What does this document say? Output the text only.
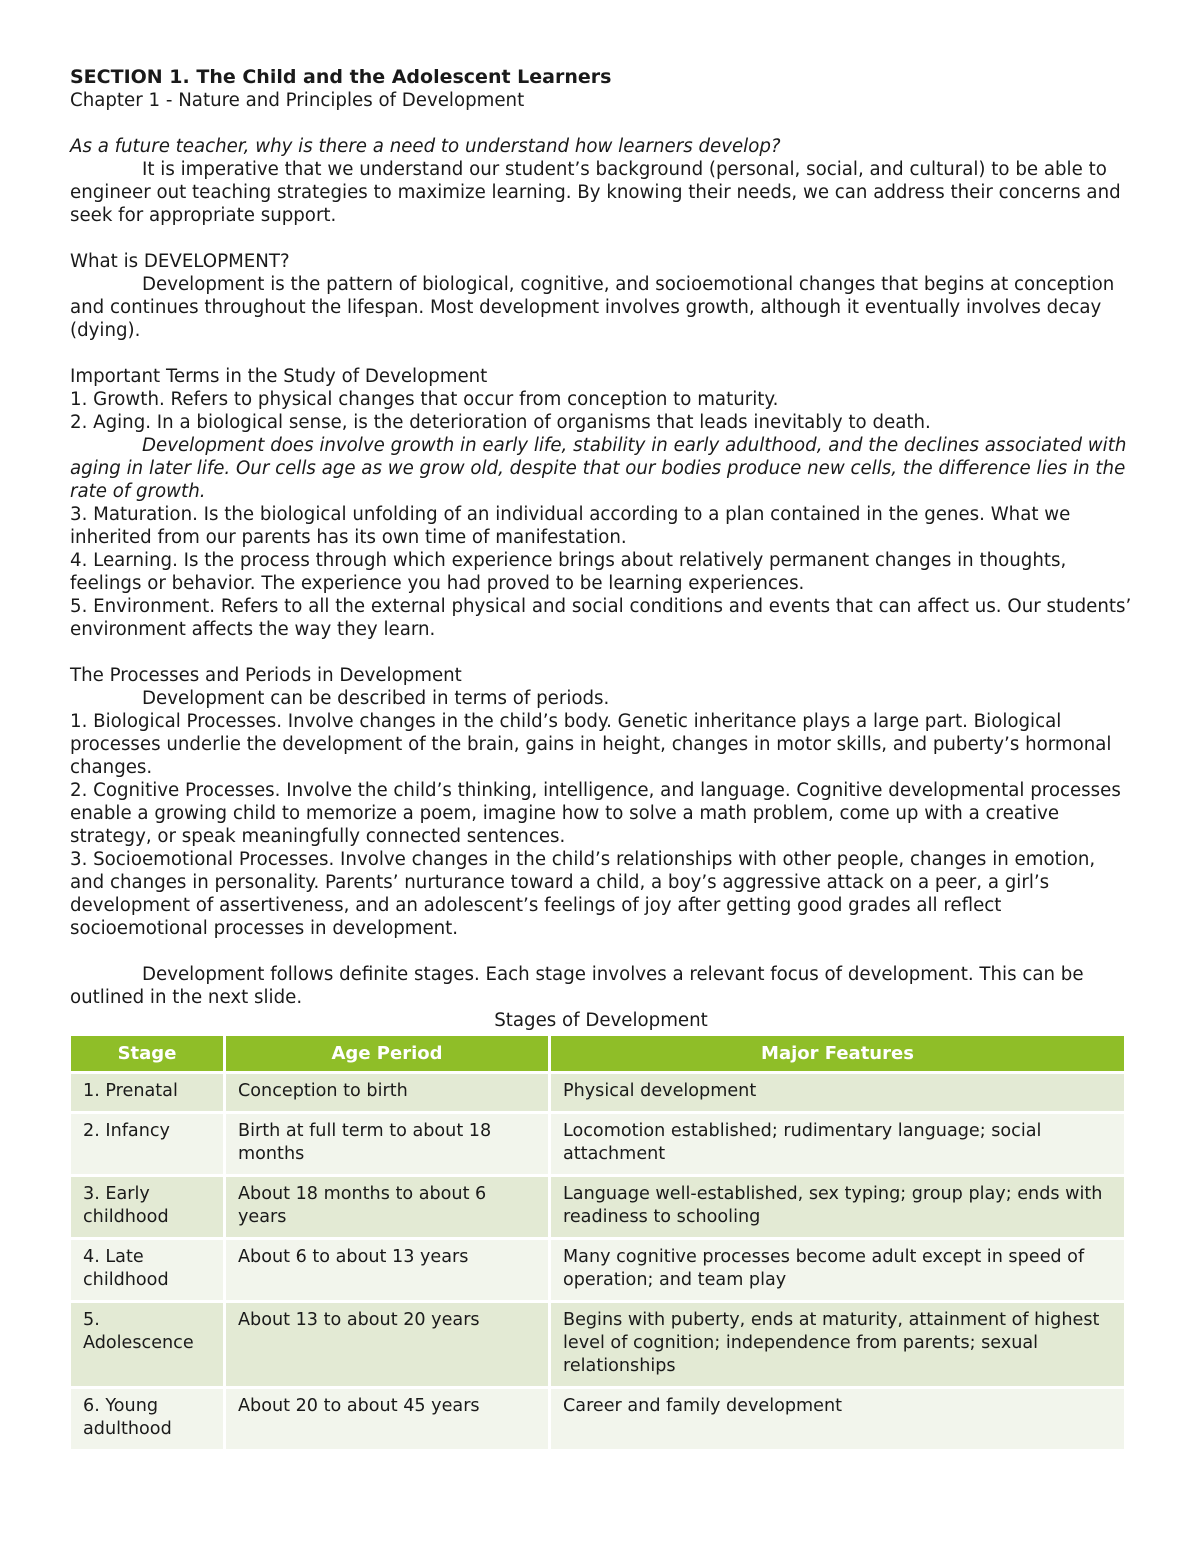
SECTION 1. The Child and the Adolescent Learners

Chapter 1 - Nature and Principles of Development

As a future teacher, why is there a need to understand how learners develop?

It is imperative that we understand our student’s background (personal, social, and cultural) to be able to engineer out teaching strategies to maximize learning. By knowing their needs, we can address their concerns and seek for appropriate support.

What is DEVELOPMENT?

Development is the pattern of biological, cognitive, and socioemotional changes that begins at conception and continues throughout the lifespan. Most development involves growth, although it eventually involves decay (dying).

Important Terms in the Study of Development

1. Growth. Refers to physical changes that occur from conception to maturity.

2. Aging. In a biological sense, is the deterioration of organisms that leads inevitably to death.

Development does involve growth in early life, stability in early adulthood, and the declines associated with aging in later life. Our cells age as we grow old, despite that our bodies produce new cells, the difference lies in the rate of growth.

3. Maturation. Is the biological unfolding of an individual according to a plan contained in the genes. What we inherited from our parents has its own time of manifestation.

4. Learning. Is the process through which experience brings about relatively permanent changes in thoughts, feelings or behavior. The experience you had proved to be learning experiences.

5. Environment. Refers to all the external physical and social conditions and events that can affect us. Our students’ environment affects the way they learn.

The Processes and Periods in Development

Development can be described in terms of periods.

1. Biological Processes. Involve changes in the child’s body. Genetic inheritance plays a large part. Biological processes underlie the development of the brain, gains in height, changes in motor skills, and puberty’s hormonal changes.

2. Cognitive Processes. Involve the child’s thinking, intelligence, and language. Cognitive developmental processes enable a growing child to memorize a poem, imagine how to solve a math problem, come up with a creative strategy, or speak meaningfully connected sentences.

3. Socioemotional Processes. Involve changes in the child’s relationships with other people, changes in emotion, and changes in personality. Parents’ nurturance toward a child, a boy’s aggressive attack on a peer, a girl’s development of assertiveness, and an adolescent’s feelings of joy after getting good grades all reflect socioemotional processes in development.

Development follows definite stages. Each stage involves a relevant focus of development. This can be outlined in the next slide.

Stages of Development

Stage	Age Period	Major Features
1. Prenatal	Conception to birth	Physical development
2. Infancy	Birth at full term to about 18 months	Locomotion established; rudimentary language; social attachment
3. Early childhood	About 18 months to about 6 years	Language well-established, sex typing; group play; ends with readiness to schooling
4. Late childhood	About 6 to about 13 years	Many cognitive processes become adult except in speed of operation; and team play
5. Adolescence	About 13 to about 20 years	Begins with puberty, ends at maturity, attainment of highest level of cognition; independence from parents; sexual relationships
6. Young adulthood	About 20 to about 45 years	Career and family development
